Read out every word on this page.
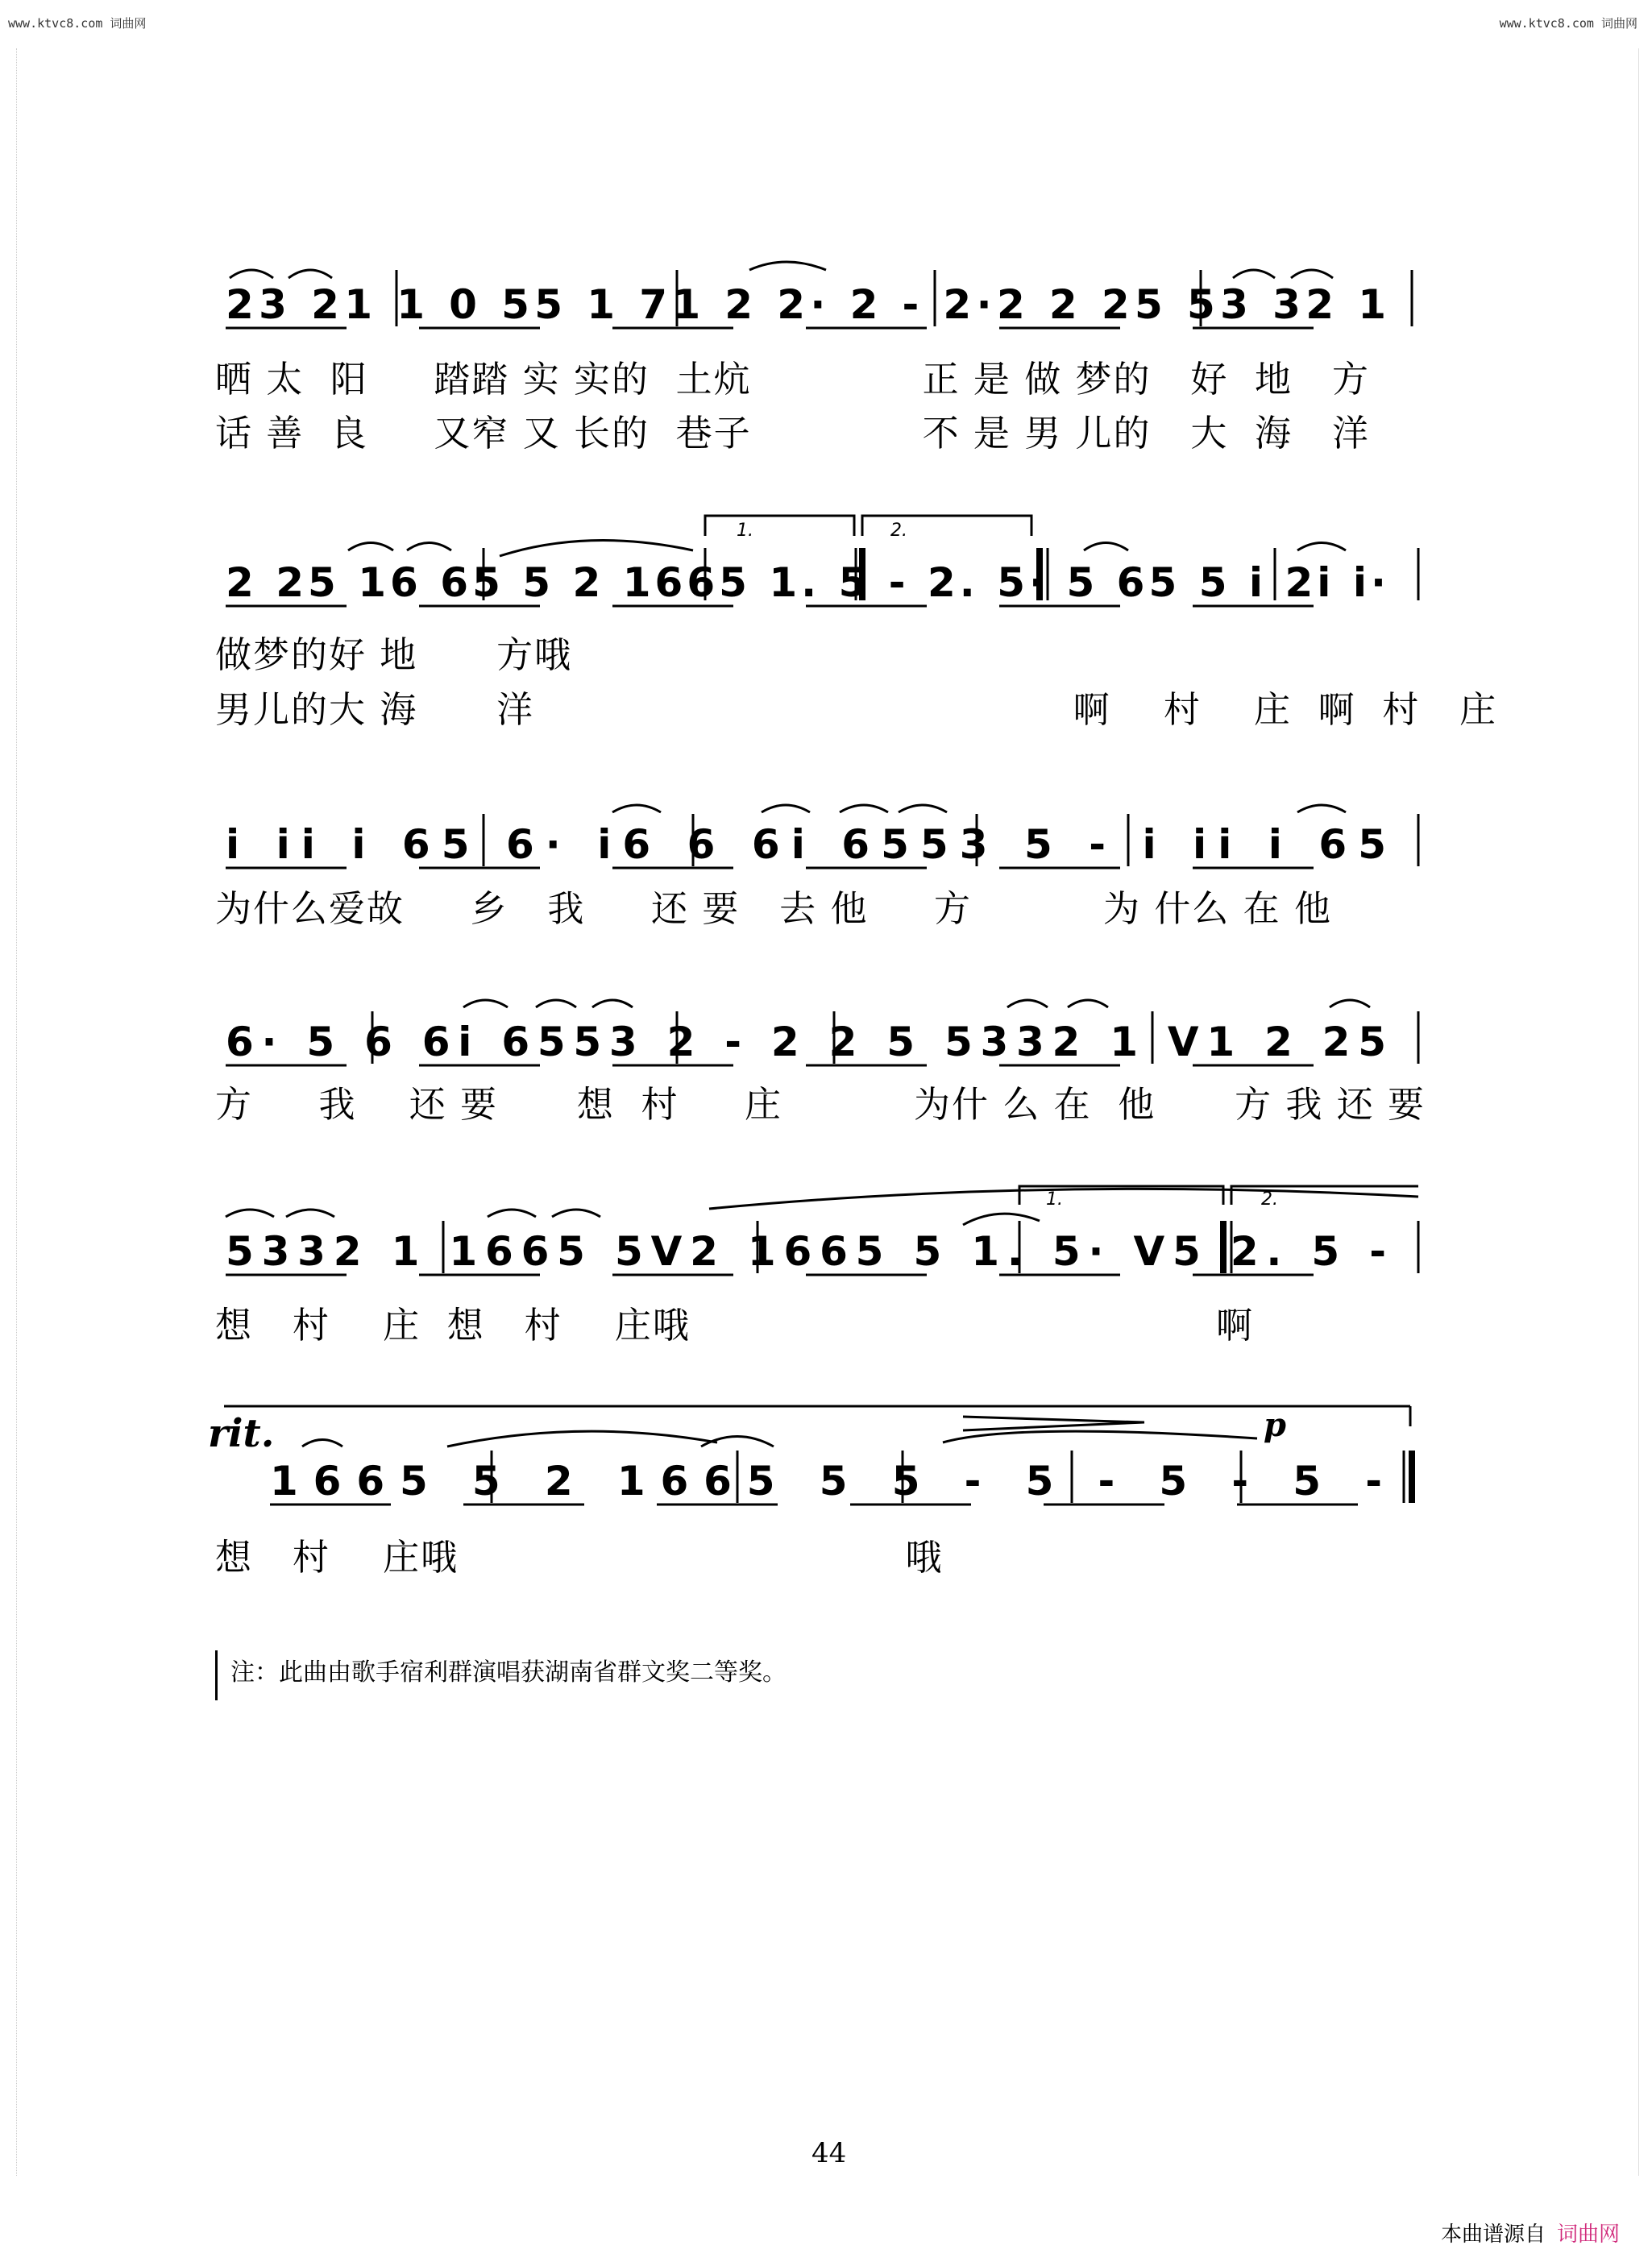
www.ktvc8.com 词曲网	www.ktvc8.com 词曲网
23 21 1 0 55 1 71 2 2· 2 - 2·2 2 25 53 32 1
2 25 16 65 5 2 1665 1. 5 - 2. 5· 5 65 5 i 2i i·
i ii i 65 6· i6 6 6i 6553 5 - i ii i 65
6· 5 6 6i 6553 2 - 2 2 5 5332 1 V1 2 25
5332 1 1665 5V2 1665 5 1. 5· V5 2. 5 -
1665 5 2 1665 5 5 - 5 - 5 - 5 -
rit.	p
1.	2.
1.	2.
晒 太  阳     踏踏 实 实的  土炕             正 是 做 梦的   好  地   方
话 善  良     又窄 又 长的  巷子             不 是 男 儿的   大  海   洋
做梦的好 地      方哦
男儿的大 海      洋                                         啊    村    庄  啊  村   庄
为什么爱故     乡   我     还 要   去 他     方          为 什么 在 他
方     我    还 要      想  村     庄          为什 么 在  他      方 我 还 要
想   村    庄  想   村    庄哦                                        啊
想   村    庄哦                                  哦
注：此曲由歌手宿利群演唱获湖南省群文奖二等奖。
44
本曲谱源自 词曲网
